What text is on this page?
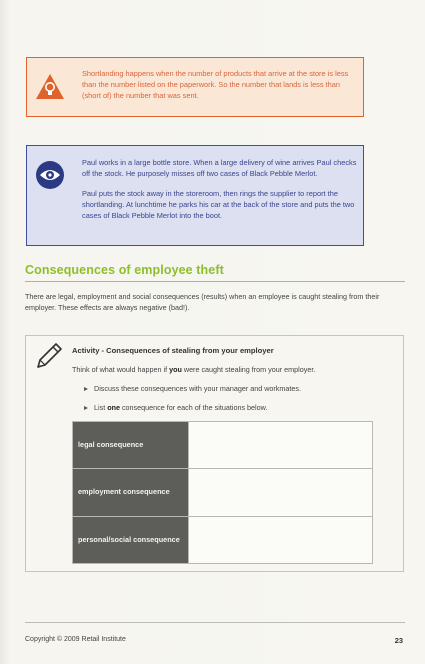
Shortlanding happens when the number of products that arrive at the store is less than the number listed on the paperwork. So the number that lands is less than (short of) the number that was sent.

Paul works in a large bottle store. When a large delivery of wine arrives Paul checks off the stock. He purposely misses off two cases of Black Pebble Merlot.

Paul puts the stock away in the storeroom, then rings the supplier to report the shortlanding. At lunchtime he parks his car at the back of the store and puts the two cases of Black Pebble Merlot into the boot.

Consequences of employee theft
There are legal, employment and social consequences (results) when an employee is caught stealing from their employer. These effects are always negative (bad!).
Activity - Consequences of stealing from your employer
Think of what would happen if you were caught stealing from your employer.
Discuss these consequences with your manager and workmates.
List one consequence for each of the situations below.
legal consequence	
employment consequence	
personal/social consequence	
Copyright © 2009 Retail Institute	23
